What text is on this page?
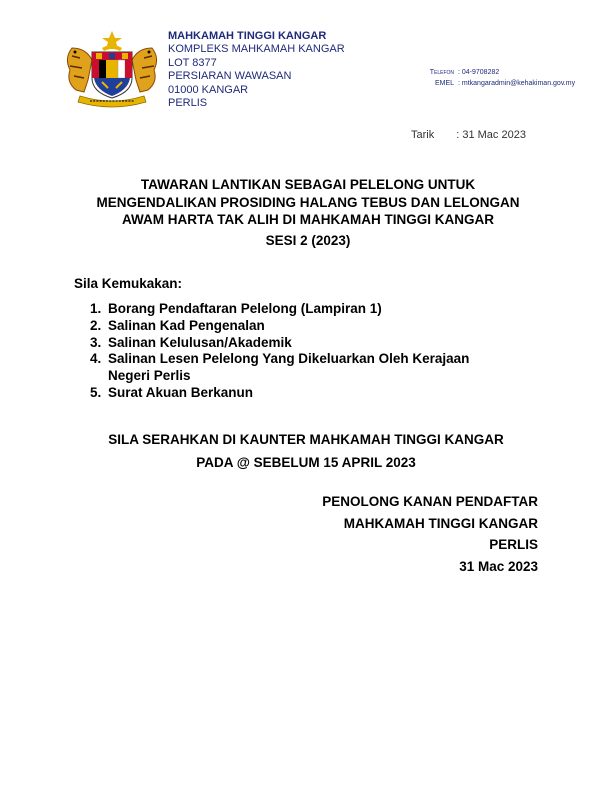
MAHKAMAH TINGGI KANGAR
KOMPLEKS MAHKAMAH KANGAR
LOT 8377
PERSIARAN WAWASAN
01000 KANGAR
PERLIS
Telefon : 04-9708282
EMEL : mtkangaradmin@kehakiman.gov.my
Tarik : 31 Mac 2023
TAWARAN LANTIKAN SEBAGAI PELELONG UNTUK
MENGENDALIKAN PROSIDING HALANG TEBUS DAN LELONGAN
AWAM HARTA TAK ALIH DI MAHKAMAH TINGGI KANGAR
SESI 2 (2023)
Sila Kemukakan:
1. Borang Pendaftaran Pelelong (Lampiran 1)
2. Salinan Kad Pengenalan
3. Salinan Kelulusan/Akademik
4. Salinan Lesen Pelelong Yang Dikeluarkan Oleh Kerajaan Negeri Perlis
5. Surat Akuan Berkanun
SILA SERAHKAN DI KAUNTER MAHKAMAH TINGGI KANGAR
PADA @ SEBELUM 15 APRIL 2023
PENOLONG KANAN PENDAFTAR
MAHKAMAH TINGGI KANGAR
PERLIS
31 Mac 2023
